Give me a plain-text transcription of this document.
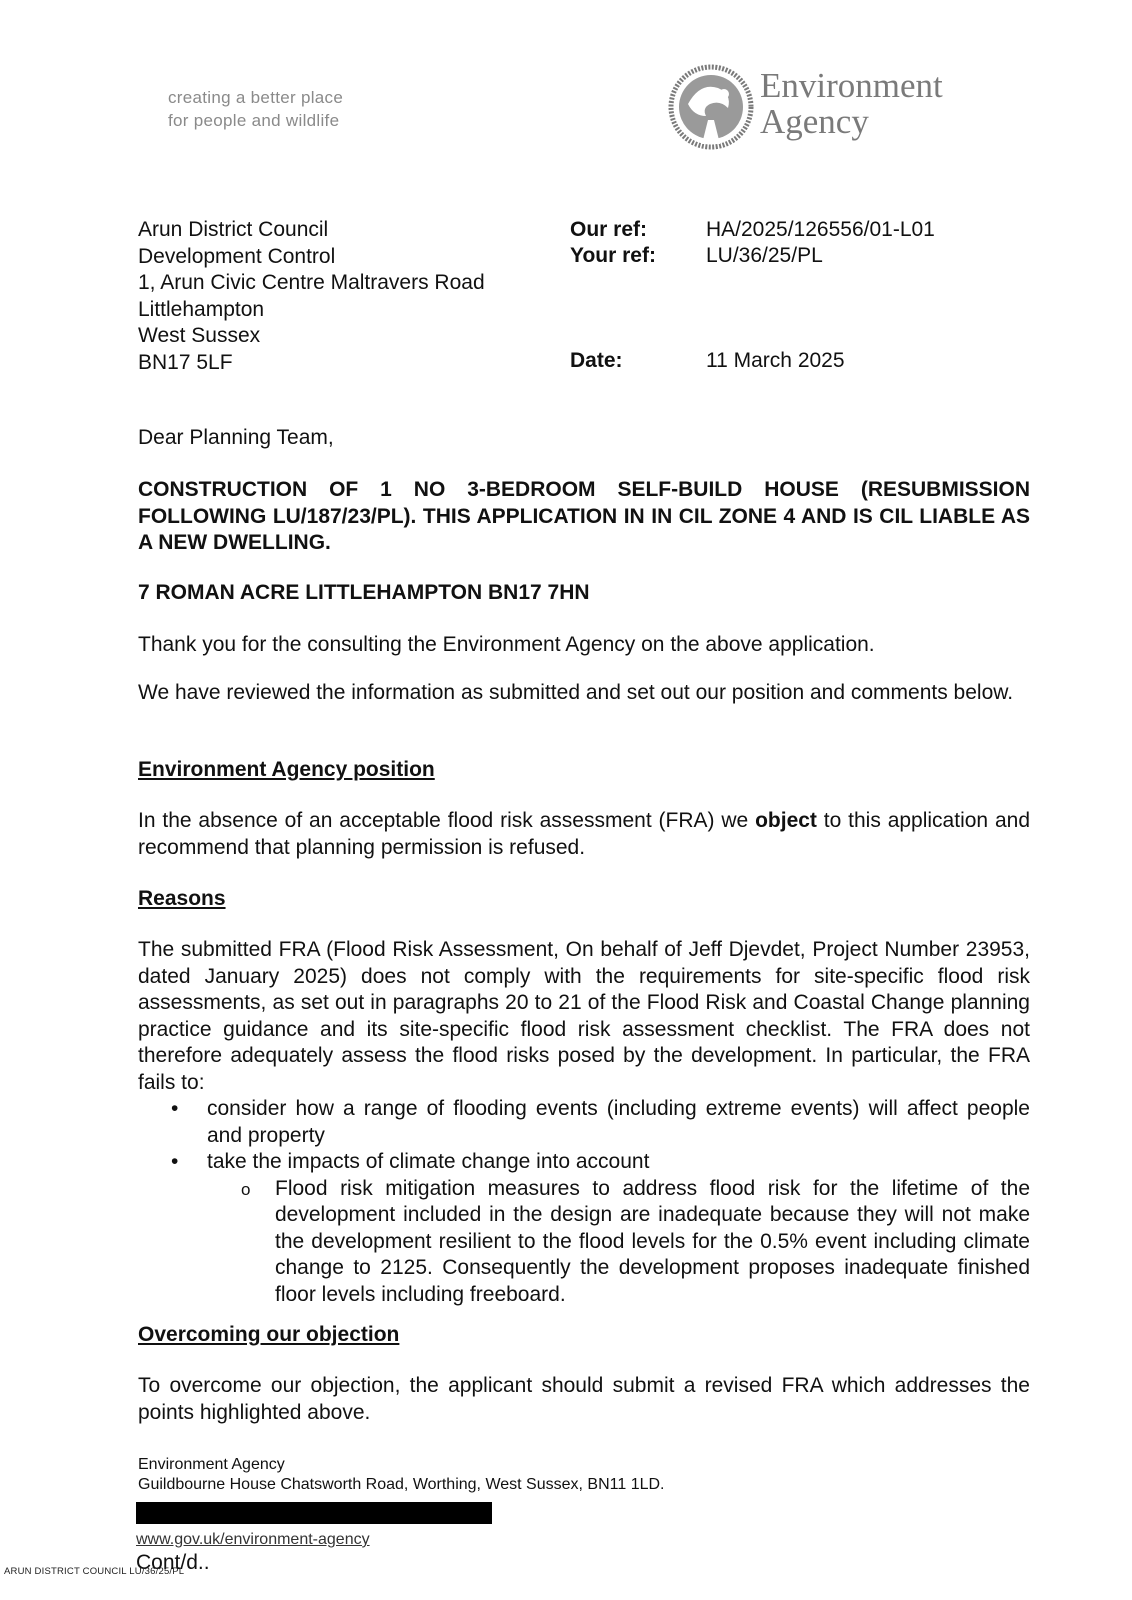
creating a better place
for people and wildlife
Environment
Agency
Arun District Council
Development Control
1, Arun Civic Centre Maltravers Road
Littlehampton
West Sussex
BN17 5LF
Our ref:	HA/2025/126556/01-L01
Your ref: LU/36/25/PL
Date:	11 March 2025
Dear Planning Team,
CONSTRUCTION OF 1 NO 3-BEDROOM SELF-BUILD HOUSE (RESUBMISSION FOLLOWING LU/187/23/PL). THIS APPLICATION IN IN CIL ZONE 4 AND IS CIL LIABLE AS A NEW DWELLING.
7 ROMAN ACRE LITTLEHAMPTON BN17 7HN
Thank you for the consulting the Environment Agency on the above application.
We have reviewed the information as submitted and set out our position and comments below.
Environment Agency position
In the absence of an acceptable flood risk assessment (FRA) we object to this application and recommend that planning permission is refused.
Reasons
The submitted FRA (Flood Risk Assessment, On behalf of Jeff Djevdet, Project Number 23953, dated January 2025) does not comply with the requirements for site-specific flood risk assessments, as set out in paragraphs 20 to 21 of the Flood Risk and Coastal Change planning practice guidance and its site-specific flood risk assessment checklist. The FRA does not therefore adequately assess the flood risks posed by the development. In particular, the FRA fails to:
• consider how a range of flooding events (including extreme events) will affect people and property
• take the impacts of climate change into account
o Flood risk mitigation measures to address flood risk for the lifetime of the development included in the design are inadequate because they will not make the development resilient to the flood levels for the 0.5% event including climate change to 2125. Consequently the development proposes inadequate finished floor levels including freeboard.
Overcoming our objection
To overcome our objection, the applicant should submit a revised FRA which addresses the points highlighted above.
Environment Agency
Guildbourne House Chatsworth Road, Worthing, West Sussex, BN11 1LD.
www.gov.uk/environment-agency
Cont/d..
ARUN DISTRICT COUNCIL LU/36/25/PL
